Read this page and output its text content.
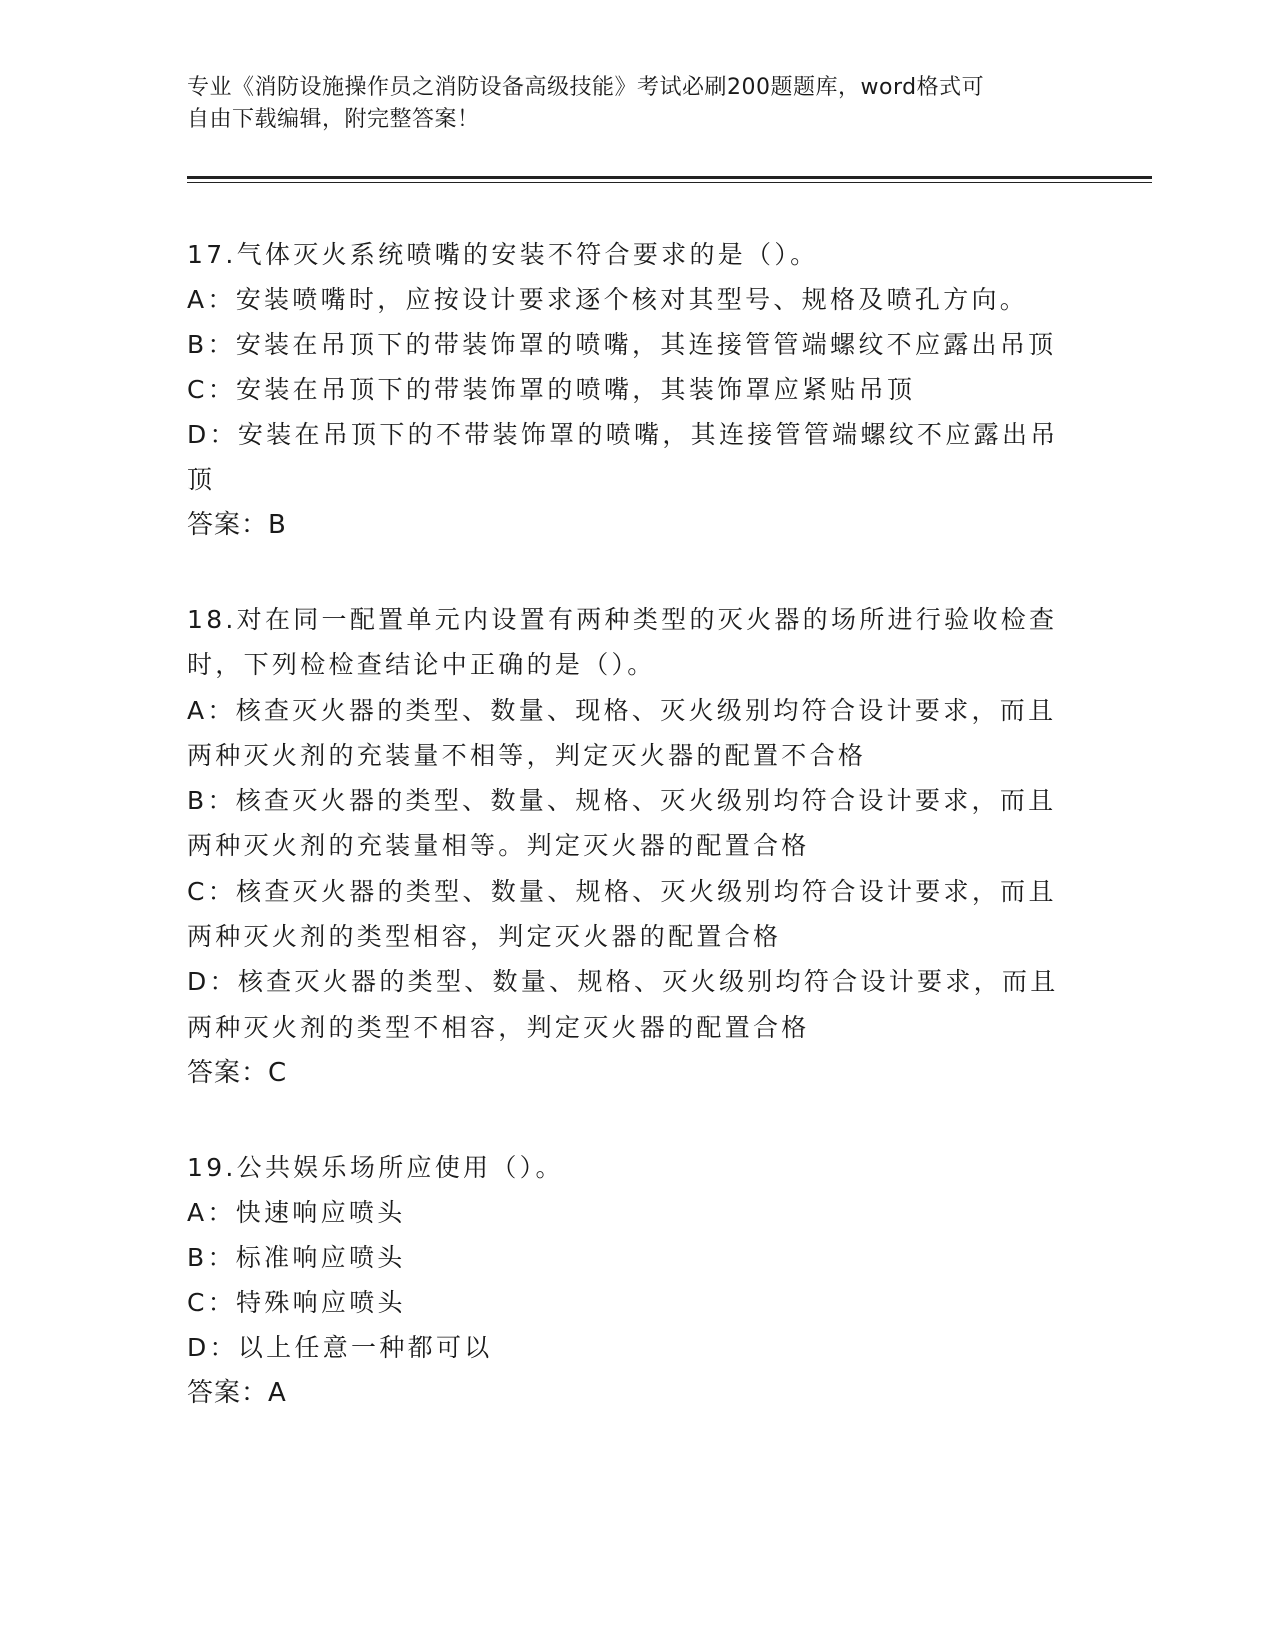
专业《消防设施操作员之消防设备高级技能》考试必刷200题题库，word格式可
自由下载编辑，附完整答案！
17.气体灭火系统喷嘴的安装不符合要求的是（）。
A：安装喷嘴时，应按设计要求逐个核对其型号、规格及喷孔方向。
B：安装在吊顶下的带装饰罩的喷嘴，其连接管管端螺纹不应露出吊顶
C：安装在吊顶下的带装饰罩的喷嘴，其装饰罩应紧贴吊顶
D：安装在吊顶下的不带装饰罩的喷嘴，其连接管管端螺纹不应露出吊
顶
答案：B
18.对在同一配置单元内设置有两种类型的灭火器的场所进行验收检查
时，下列检检查结论中正确的是（）。
A：核查灭火器的类型、数量、现格、灭火级别均符合设计要求，而且
两种灭火剂的充装量不相等，判定灭火器的配置不合格
B：核查灭火器的类型、数量、规格、灭火级别均符合设计要求，而且
两种灭火剂的充装量相等。判定灭火器的配置合格
C：核查灭火器的类型、数量、规格、灭火级别均符合设计要求，而且
两种灭火剂的类型相容，判定灭火器的配置合格
D：核查灭火器的类型、数量、规格、灭火级别均符合设计要求，而且
两种灭火剂的类型不相容，判定灭火器的配置合格
答案：C
19.公共娱乐场所应使用（）。
A：快速响应喷头
B：标准响应喷头
C：特殊响应喷头
D：以上任意一种都可以
答案：A
